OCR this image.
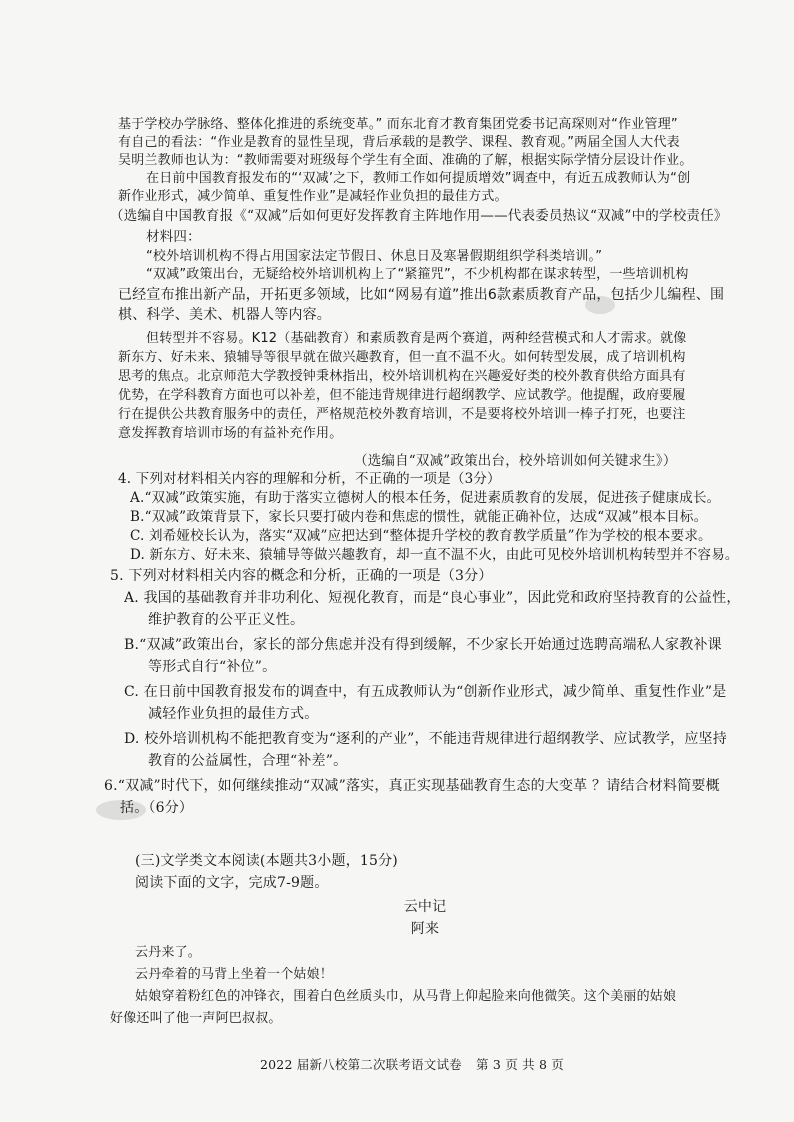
基于学校办学脉络、整体化推进的系统变革。” 而东北育才教育集团党委书记高琛则对“作业管理”
有自己的看法：“作业是教育的显性呈现，背后承载的是教学、课程、教育观。”两届全国人大代表
吴明兰教师也认为：“教师需要对班级每个学生有全面、准确的了解，根据实际学情分层设计作业。
在日前中国教育报发布的“‘双减’之下，教师工作如何提质增效”调查中，有近五成教师认为“创
新作业形式，减少简单、重复性作业”是减轻作业负担的最佳方式。
（选编自中国教育报《“双减”后如何更好发挥教育主阵地作用——代表委员热议“双减”中的学校责任》
材料四：
“校外培训机构不得占用国家法定节假日、休息日及寒暑假期组织学科类培训。”
“双减”政策出台，无疑给校外培训机构上了“紧箍咒”，不少机构都在谋求转型，一些培训机构
已经宣布推出新产品，开拓更多领域，比如“网易有道”推出6款素质教育产品，包括少儿编程、围
棋、科学、美术、机器人等内容。
但转型并不容易。K12（基础教育）和素质教育是两个赛道，两种经营模式和人才需求。就像
新东方、好未来、猿辅导等很早就在做兴趣教育，但一直不温不火。如何转型发展，成了培训机构
思考的焦点。北京师范大学教授钟秉林指出，校外培训机构在兴趣爱好类的校外教育供给方面具有
优势，在学科教育方面也可以补差，但不能违背规律进行超纲教学、应试教学。他提醒，政府要履
行在提供公共教育服务中的责任，严格规范校外教育培训，不是要将校外培训一棒子打死，也要注
意发挥教育培训市场的有益补充作用。
（选编自“双减”政策出台，校外培训如何关键求生》）
4. 下列对材料相关内容的理解和分析，不正确的一项是（3分）
A.“双减”政策实施，有助于落实立德树人的根本任务，促进素质教育的发展，促进孩子健康成长。
B.“双减”政策背景下，家长只要打破内卷和焦虑的惯性，就能正确补位，达成“双减”根本目标。
C. 刘希娅校长认为，落实“双减”应把达到“整体提升学校的教育教学质量”作为学校的根本要求。
D. 新东方、好未来、猿辅导等做兴趣教育，却一直不温不火，由此可见校外培训机构转型并不容易。
5. 下列对材料相关内容的概念和分析，正确的一项是（3分）
A. 我国的基础教育并非功利化、短视化教育，而是“良心事业”，因此党和政府坚持教育的公益性，
维护教育的公平正义性。
B.“双减”政策出台，家长的部分焦虑并没有得到缓解，不少家长开始通过选聘高端私人家教补课
等形式自行“补位”。
C. 在日前中国教育报发布的调查中，有五成教师认为“创新作业形式，减少简单、重复性作业”是
减轻作业负担的最佳方式。
D. 校外培训机构不能把教育变为“逐利的产业”，不能违背规律进行超纲教学、应试教学，应坚持
教育的公益属性，合理“补差”。
6.“双减”时代下，如何继续推动“双减”落实，真正实现基础教育生态的大变革 ？请结合材料简要概
括。（6分）
(三)文学类文本阅读(本题共3小题，15分)
阅读下面的文字，完成7-9题。
云中记
阿来
云丹来了。
云丹牵着的马背上坐着一个姑娘！
姑娘穿着粉红色的冲锋衣，围着白色丝质头巾，从马背上仰起脸来向他微笑。这个美丽的姑娘
好像还叫了他一声阿巴叔叔。
2022 届新八校第二次联考语文试卷 第 3 页 共 8 页
